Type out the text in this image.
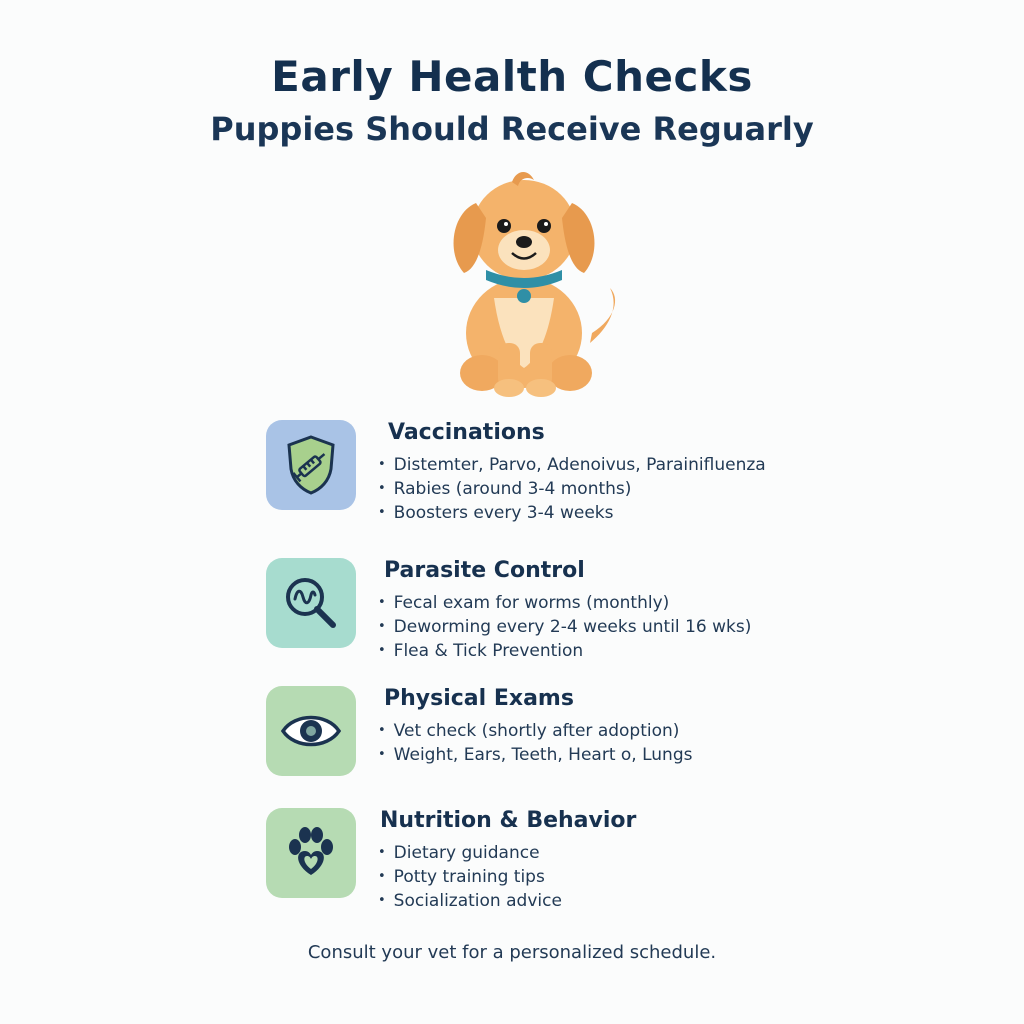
Early Health Checks
Puppies Should Receive Reguarly
Vaccinations
• Distemter, Parvo, Adenoivus, Parainifluenza
• Rabies (around 3-4 months)
• Boosters every 3-4 weeks
Parasite Control
• Fecal exam for worms (monthly)
• Deworming every 2-4 weeks until 16 wks)
• Flea & Tick Prevention
Physical Exams
• Vet check (shortly after adoption)
• Weight, Ears, Teeth, Heart o, Lungs
Nutrition & Behavior
• Dietary guidance
• Potty training tips
• Socialization advice
Consult your vet for a personalized schedule.
